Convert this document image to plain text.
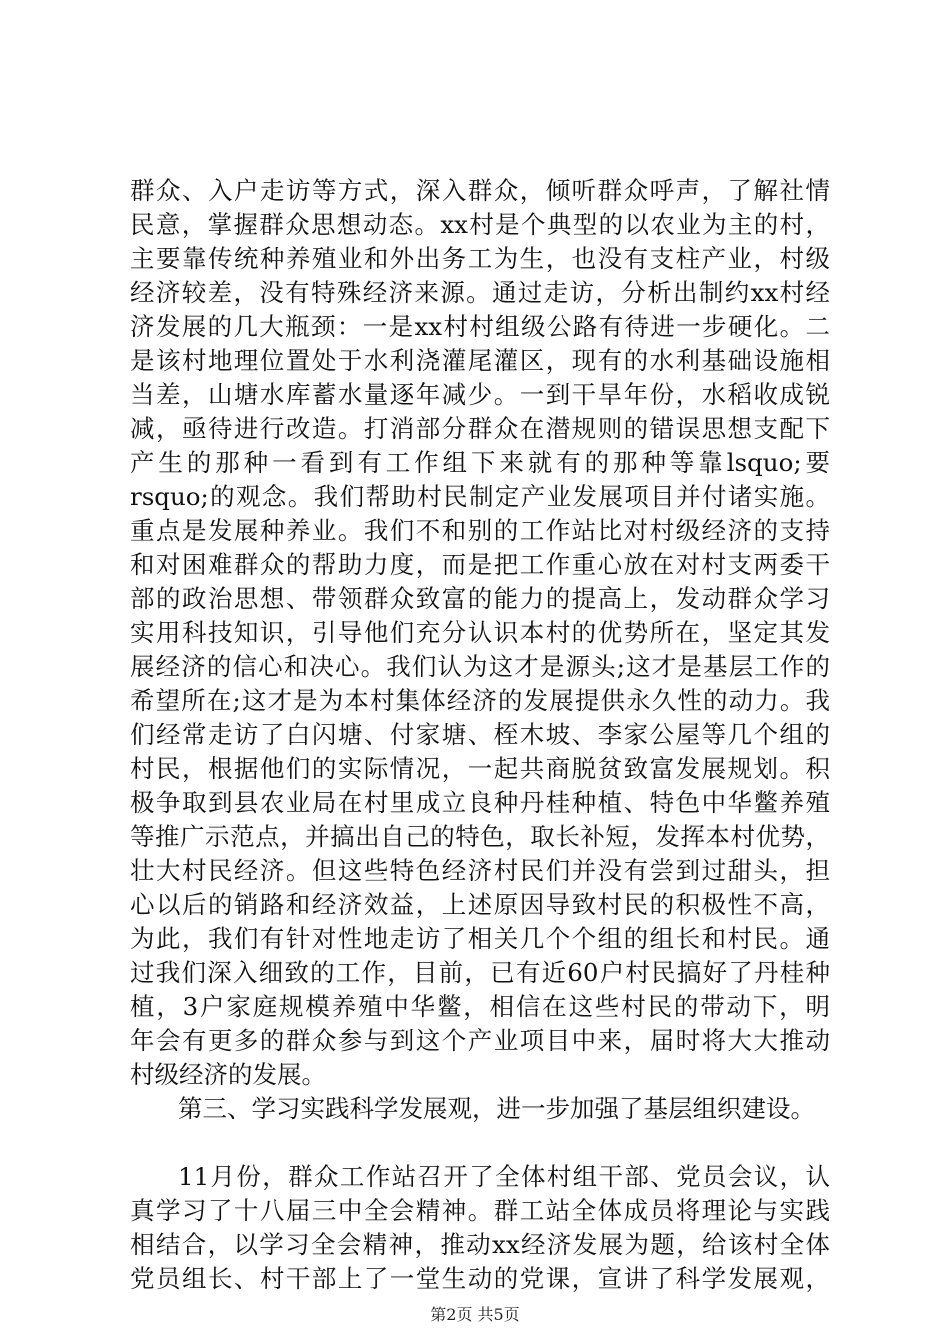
群众、入户走访等方式，深入群众，倾听群众呼声，了解社情
民意，掌握群众思想动态。xx村是个典型的以农业为主的村，
主要靠传统种养殖业和外出务工为生，也没有支柱产业，村级
经济较差，没有特殊经济来源。通过走访，分析出制约xx村经
济发展的几大瓶颈：一是xx村村组级公路有待进一步硬化。二
是该村地理位置处于水利浇灌尾灌区，现有的水利基础设施相
当差，山塘水库蓄水量逐年减少。一到干旱年份，水稻收成锐
减，亟待进行改造。打消部分群众在潜规则的错误思想支配下
产生的那种一看到有工作组下来就有的那种等靠lsquo;要
rsquo;的观念。我们帮助村民制定产业发展项目并付诸实施。
重点是发展种养业。我们不和别的工作站比对村级经济的支持
和对困难群众的帮助力度，而是把工作重心放在对村支两委干
部的政治思想、带领群众致富的能力的提高上，发动群众学习
实用科技知识，引导他们充分认识本村的优势所在，坚定其发
展经济的信心和决心。我们认为这才是源头;这才是基层工作的
希望所在;这才是为本村集体经济的发展提供永久性的动力。我
们经常走访了白闪塘、付家塘、桎木坡、李家公屋等几个组的
村民，根据他们的实际情况，一起共商脱贫致富发展规划。积
极争取到县农业局在村里成立良种丹桂种植、特色中华鳖养殖
等推广示范点，并搞出自己的特色，取长补短，发挥本村优势，
壮大村民经济。但这些特色经济村民们并没有尝到过甜头，担
心以后的销路和经济效益，上述原因导致村民的积极性不高，
为此，我们有针对性地走访了相关几个个组的组长和村民。通
过我们深入细致的工作，目前，已有近60户村民搞好了丹桂种
植，3户家庭规模养殖中华鳖，相信在这些村民的带动下，明
年会有更多的群众参与到这个产业项目中来，届时将大大推动
村级经济的发展。
第三、学习实践科学发展观，进一步加强了基层组织建设。
11月份，群众工作站召开了全体村组干部、党员会议，认
真学习了十八届三中全会精神。群工站全体成员将理论与实践
相结合，以学习全会精神，推动xx经济发展为题，给该村全体
党员组长、村干部上了一堂生动的党课，宣讲了科学发展观，
第2页 共5页
